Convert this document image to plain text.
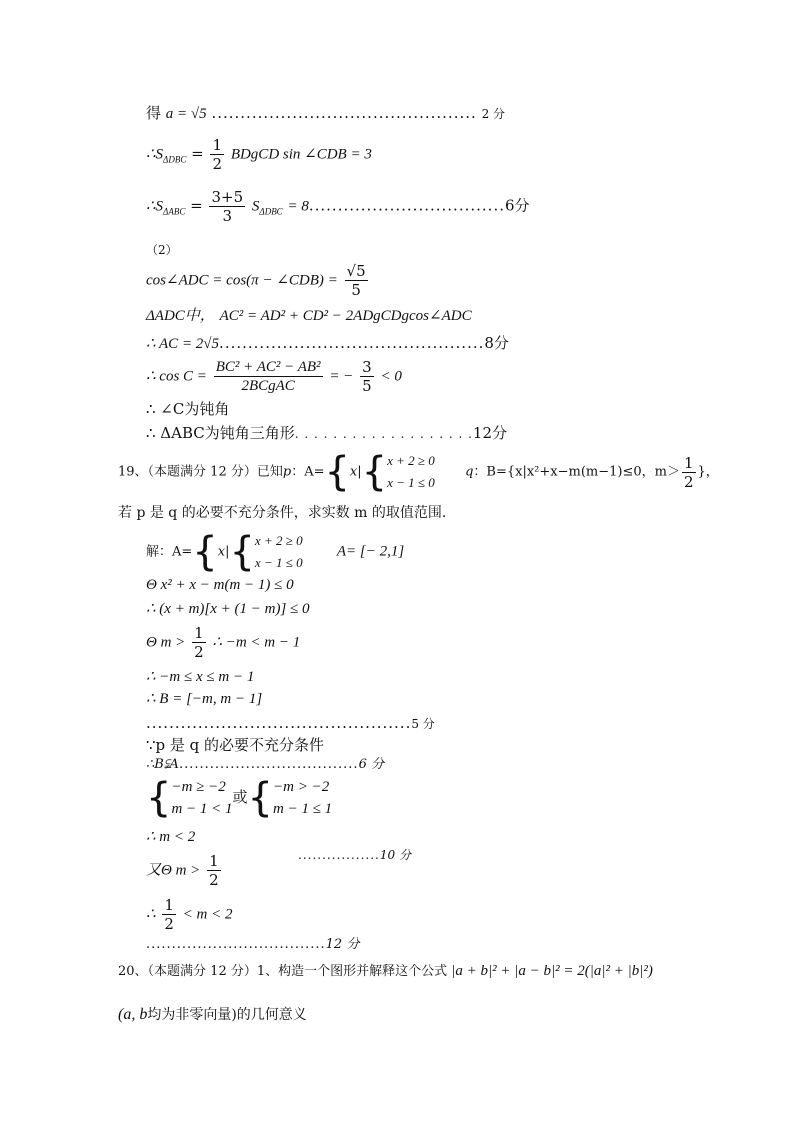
得 a = √5 .............................................. 2 分
$\therefore S_{\Delta DBC} = \frac{1}{2}$ BDgCD sin ∠CDB = 3
$\therefore S_{\Delta ABC} = \frac{3+5}{3} S_{\Delta DBC} = 8..................................6$分
（2）
cos∠ADC = cos(π − ∠CDB) = $\frac{√5}{5}$
ΔADC中， AC² = AD² + CD² − 2ADgCDgcos∠ADC
∴ AC = 2√5..............................................8分
∴ $\cos C = \frac{\text{BC² + AC² − AB²}}{\text{2BCgAC}}$ = − $\frac{3}{5} < 0$
∴ ∠C为钝角
∴ ΔABC为钝角三角形. . . . . . . . . . . . . . . . . . .12分
19、（本题满分 12 分）已知p：A={x|{ x + 2 ≥ 0
x − 1 ≤ 0
q：B={x|x²+x−m(m−1)≤0，$m> \frac{1}{2}$ }，
若 p 是 q 的必要不充分条件，求实数 m 的取值范围．
解：A={x|{ x + 2 ≥ 0
x − 1 ≤ 0
A= [− 2,1]
Θ x² + x − m(m − 1) ≤ 0
∴ (x + m)[x + (1 − m)] ≤ 0
Θ $m > \frac{1}{2}$ ∴ −m < m − 1
∴ −m ≤ x ≤ m − 1
∴ B = [−m, m − 1]
..............................................5 分
∵p 是 q 的必要不充分条件
∴B⫋A...................................6 分
{ −m ≥ −2
m − 1 < 1
或{ −m > −2
m − 1 ≤ 1
∴ m < 2
又Θ $m > \frac{1}{2}$	.................10 分
∴ $\frac{1}{2} < m < 2$
...................................12 分
20、（本题满分 12 分）1、构造一个图形并解释这个公式 |a + b|² + |a − b|² = 2(|a|² + |b|²)
(a, b均为非零向量)的几何意义
